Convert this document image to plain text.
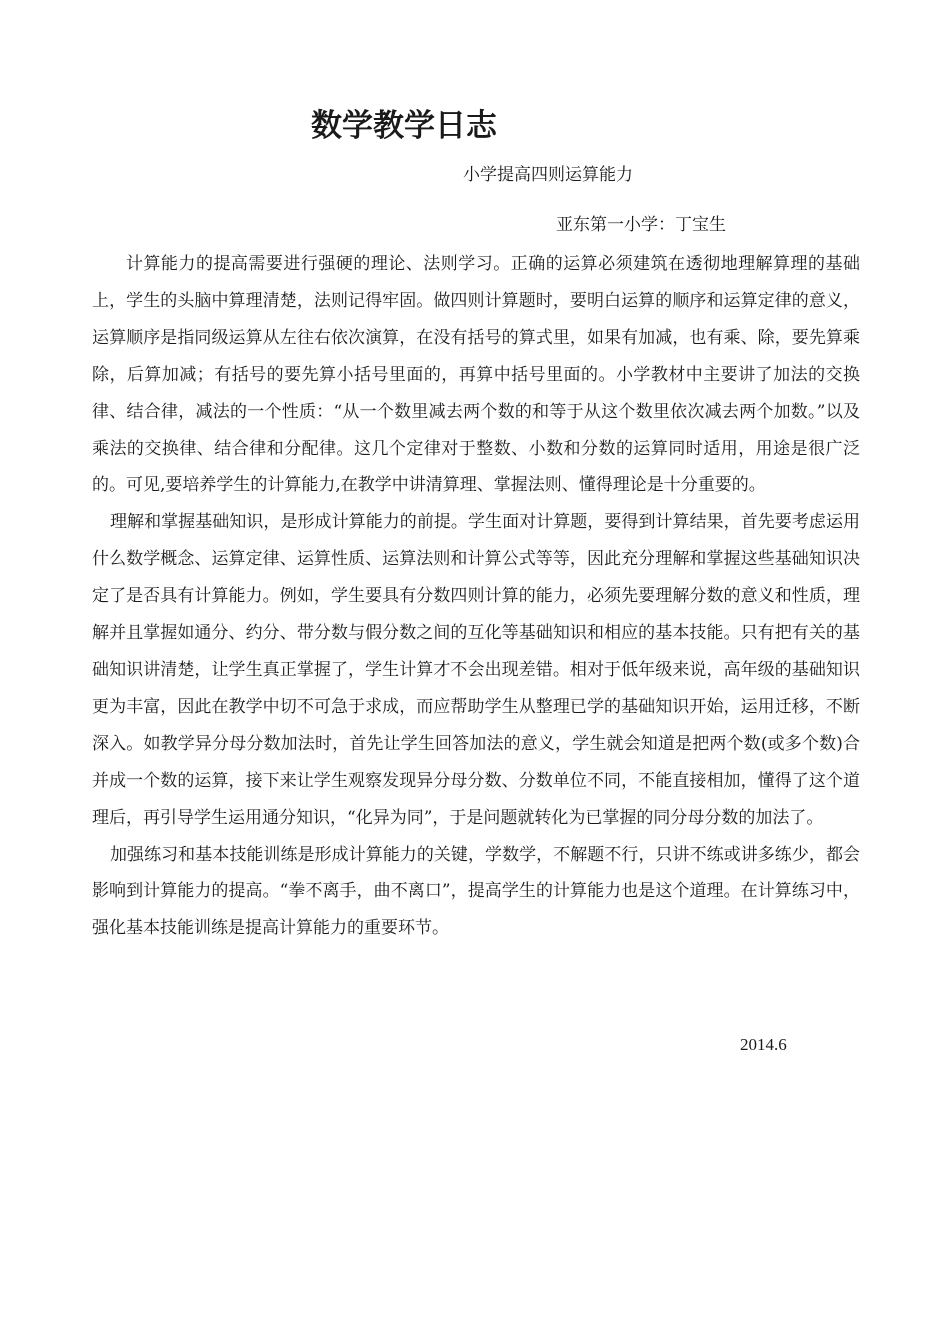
数学教学日志

小学提高四则运算能力

亚东第一小学：丁宝生

计算能力的提高需要进行强硬的理论、法则学习。正确的运算必须建筑在透彻地理解算理的基础上，学生的头脑中算理清楚，法则记得牢固。做四则计算题时，要明白运算的顺序和运算定律的意义，运算顺序是指同级运算从左往右依次演算，在没有括号的算式里，如果有加减，也有乘、除，要先算乘除，后算加减；有括号的要先算小括号里面的，再算中括号里面的。小学教材中主要讲了加法的交换律、结合律，减法的一个性质：“从一个数里减去两个数的和等于从这个数里依次减去两个加数。”以及乘法的交换律、结合律和分配律。这几个定律对于整数、小数和分数的运算同时适用，用途是很广泛的。可见,要培养学生的计算能力,在教学中讲清算理、掌握法则、懂得理论是十分重要的。

理解和掌握基础知识，是形成计算能力的前提。学生面对计算题，要得到计算结果，首先要考虑运用什么数学概念、运算定律、运算性质、运算法则和计算公式等等，因此充分理解和掌握这些基础知识决定了是否具有计算能力。例如，学生要具有分数四则计算的能力，必须先要理解分数的意义和性质，理解并且掌握如通分、约分、带分数与假分数之间的互化等基础知识和相应的基本技能。只有把有关的基础知识讲清楚，让学生真正掌握了，学生计算才不会出现差错。相对于低年级来说，高年级的基础知识更为丰富，因此在教学中切不可急于求成，而应帮助学生从整理已学的基础知识开始，运用迁移，不断深入。如教学异分母分数加法时，首先让学生回答加法的意义，学生就会知道是把两个数(或多个数)合并成一个数的运算，接下来让学生观察发现异分母分数、分数单位不同，不能直接相加，懂得了这个道理后，再引导学生运用通分知识，“化异为同”，于是问题就转化为已掌握的同分母分数的加法了。

加强练习和基本技能训练是形成计算能力的关键，学数学，不解题不行，只讲不练或讲多练少，都会影响到计算能力的提高。“拳不离手，曲不离口”，提高学生的计算能力也是这个道理。在计算练习中，强化基本技能训练是提高计算能力的重要环节。

2014.6
